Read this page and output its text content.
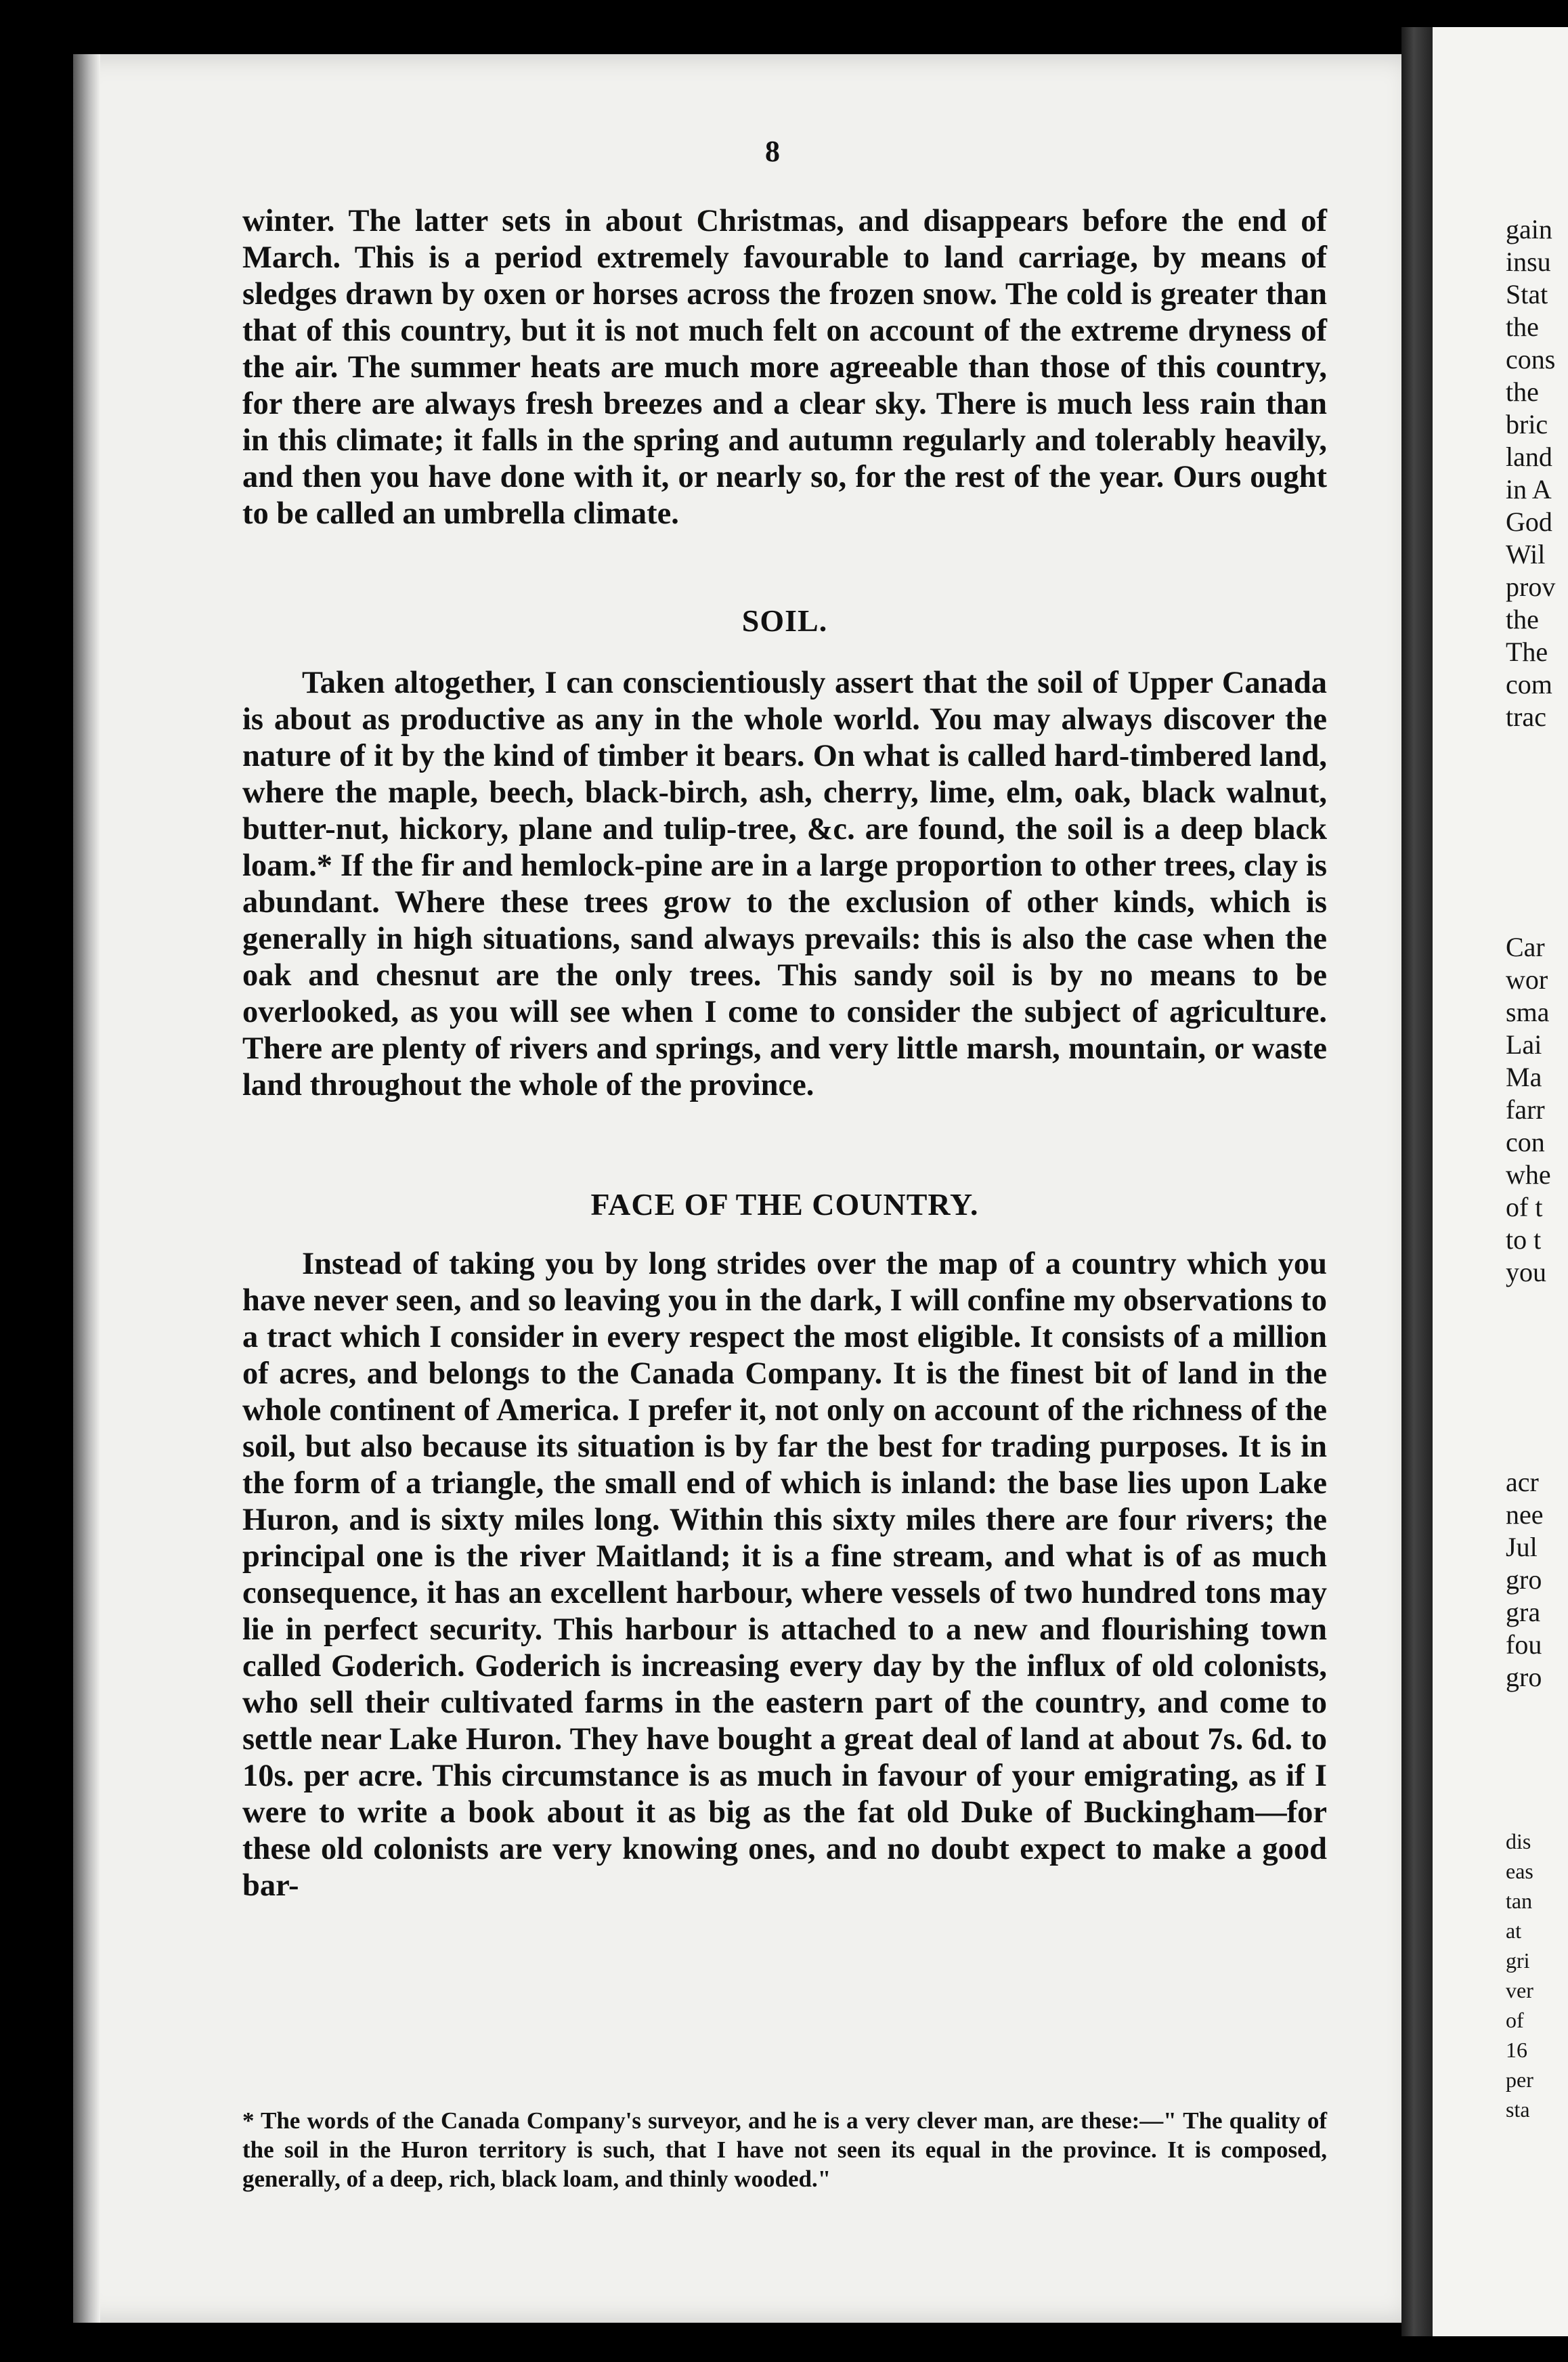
8

winter. The latter sets in about Christmas, and disappears before the end of March. This is a period extremely favourable to land carriage, by means of sledges drawn by oxen or horses across the frozen snow. The cold is greater than that of this country, but it is not much felt on account of the extreme dryness of the air. The summer heats are much more agreeable than those of this country, for there are always fresh breezes and a clear sky. There is much less rain than in this climate; it falls in the spring and autumn regularly and tolerably heavily, and then you have done with it, or nearly so, for the rest of the year. Ours ought to be called an umbrella climate.

SOIL.

Taken altogether, I can conscientiously assert that the soil of Upper Canada is about as productive as any in the whole world. You may always discover the nature of it by the kind of timber it bears. On what is called hard-timbered land, where the maple, beech, black-birch, ash, cherry, lime, elm, oak, black walnut, butter-nut, hickory, plane and tulip-tree, &c. are found, the soil is a deep black loam.* If the fir and hemlock-pine are in a large proportion to other trees, clay is abundant. Where these trees grow to the exclusion of other kinds, which is generally in high situations, sand always prevails: this is also the case when the oak and chesnut are the only trees. This sandy soil is by no means to be overlooked, as you will see when I come to consider the subject of agriculture. There are plenty of rivers and springs, and very little marsh, mountain, or waste land throughout the whole of the province.

FACE OF THE COUNTRY.

Instead of taking you by long strides over the map of a country which you have never seen, and so leaving you in the dark, I will confine my observations to a tract which I consider in every respect the most eligible. It consists of a million of acres, and belongs to the Canada Company. It is the finest bit of land in the whole continent of America. I prefer it, not only on account of the richness of the soil, but also because its situation is by far the best for trading purposes. It is in the form of a triangle, the small end of which is inland: the base lies upon Lake Huron, and is sixty miles long. Within this sixty miles there are four rivers; the principal one is the river Maitland; it is a fine stream, and what is of as much consequence, it has an excellent harbour, where vessels of two hundred tons may lie in perfect security. This harbour is attached to a new and flourishing town called Goderich. Goderich is increasing every day by the influx of old colonists, who sell their cultivated farms in the eastern part of the country, and come to settle near Lake Huron. They have bought a great deal of land at about 7s. 6d. to 10s. per acre. This circumstance is as much in favour of your emigrating, as if I were to write a book about it as big as the fat old Duke of Buckingham—for these old colonists are very knowing ones, and no doubt expect to make a good bar-

* The words of the Canada Company's surveyor, and he is a very clever man, are these:—" The quality of the soil in the Huron territory is such, that I have not seen its equal in the province. It is composed, generally, of a deep, rich, black loam, and thinly wooded."
gain
insu
Stat
the
cons
the
bric
land
in A
God
Wil
prov
the
The
com
trac
Car
wor
sma
Lai
Ma
farr
con
whe
of t
to t
you
acr
nee
Jul
gro
gra
fou
gro
dis
eas
tan
at
gri
ver
of
16
per
sta
